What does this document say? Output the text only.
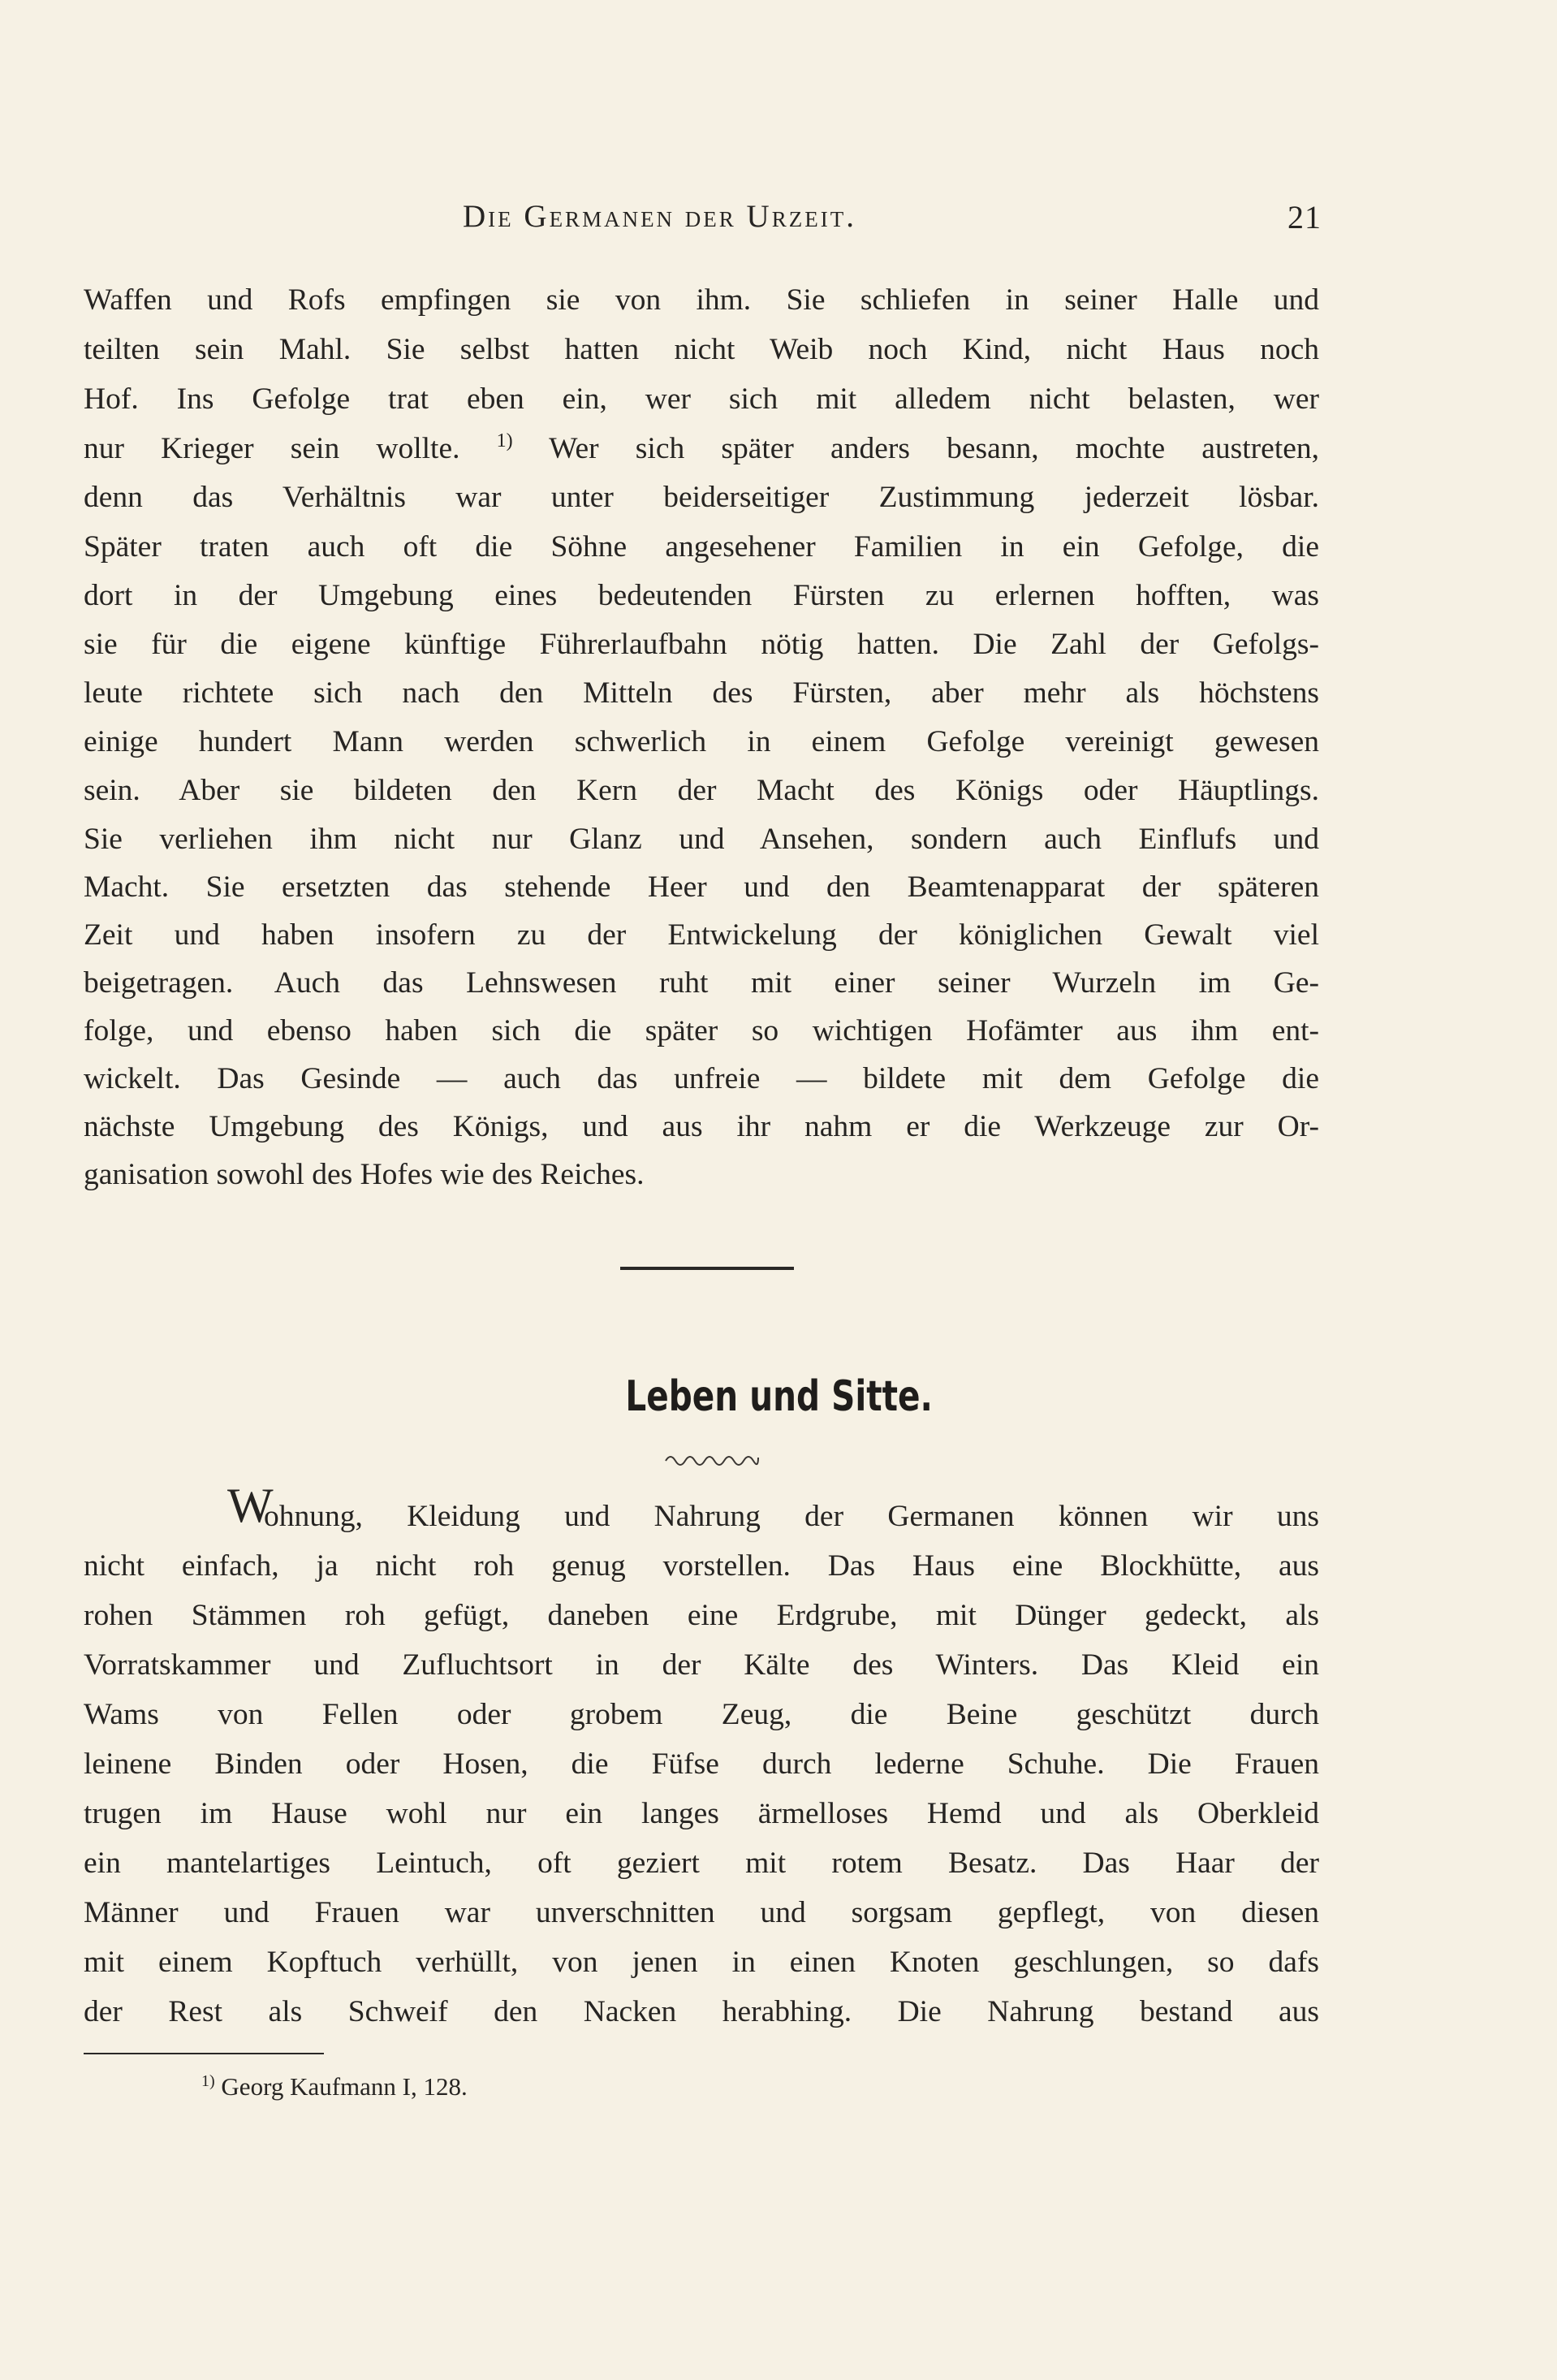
Die Germanen der Urzeit.	21
Waffen und Rofs empfingen sie von ihm. Sie schliefen in seiner Halle und
teilten sein Mahl. Sie selbst hatten nicht Weib noch Kind, nicht Haus noch
Hof. Ins Gefolge trat eben ein, wer sich mit alledem nicht belasten, wer
nur Krieger sein wollte. $^{1)}$ Wer sich später anders besann, mochte austreten,
denn das Verhältnis war unter beiderseitiger Zustimmung jederzeit lösbar.
Später traten auch oft die Söhne angesehener Familien in ein Gefolge, die
dort in der Umgebung eines bedeutenden Fürsten zu erlernen hofften, was
sie für die eigene künftige Führerlaufbahn nötig hatten. Die Zahl der Gefolgs-
leute richtete sich nach den Mitteln des Fürsten, aber mehr als höchstens
einige hundert Mann werden schwerlich in einem Gefolge vereinigt gewesen
sein. Aber sie bildeten den Kern der Macht des Königs oder Häuptlings.
Sie verliehen ihm nicht nur Glanz und Ansehen, sondern auch Einflufs und
Macht. Sie ersetzten das stehende Heer und den Beamtenapparat der späteren
Zeit und haben insofern zu der Entwickelung der königlichen Gewalt viel
beigetragen. Auch das Lehnswesen ruht mit einer seiner Wurzeln im Ge-
folge, und ebenso haben sich die später so wichtigen Hofämter aus ihm ent-
wickelt. Das Gesinde — auch das unfreie — bildete mit dem Gefolge die
nächste Umgebung des Königs, und aus ihr nahm er die Werkzeuge zur Or-
ganisation sowohl des Hofes wie des Reiches.
Leben und Sitte.
W
ohnung, Kleidung und Nahrung der Germanen können wir uns
nicht einfach, ja nicht roh genug vorstellen. Das Haus eine Blockhütte, aus
rohen Stämmen roh gefügt, daneben eine Erdgrube, mit Dünger gedeckt, als
Vorratskammer und Zufluchtsort in der Kälte des Winters. Das Kleid ein
Wams von Fellen oder grobem Zeug, die Beine geschützt durch
leinene Binden oder Hosen, die Füfse durch lederne Schuhe. Die Frauen
trugen im Hause wohl nur ein langes ärmelloses Hemd und als Oberkleid
ein mantelartiges Leintuch, oft geziert mit rotem Besatz. Das Haar der
Männer und Frauen war unverschnitten und sorgsam gepflegt, von diesen
mit einem Kopftuch verhüllt, von jenen in einen Knoten geschlungen, so dafs
der Rest als Schweif den Nacken herabhing. Die Nahrung bestand aus
$^{1)}$ Georg Kaufmann I, 128.
